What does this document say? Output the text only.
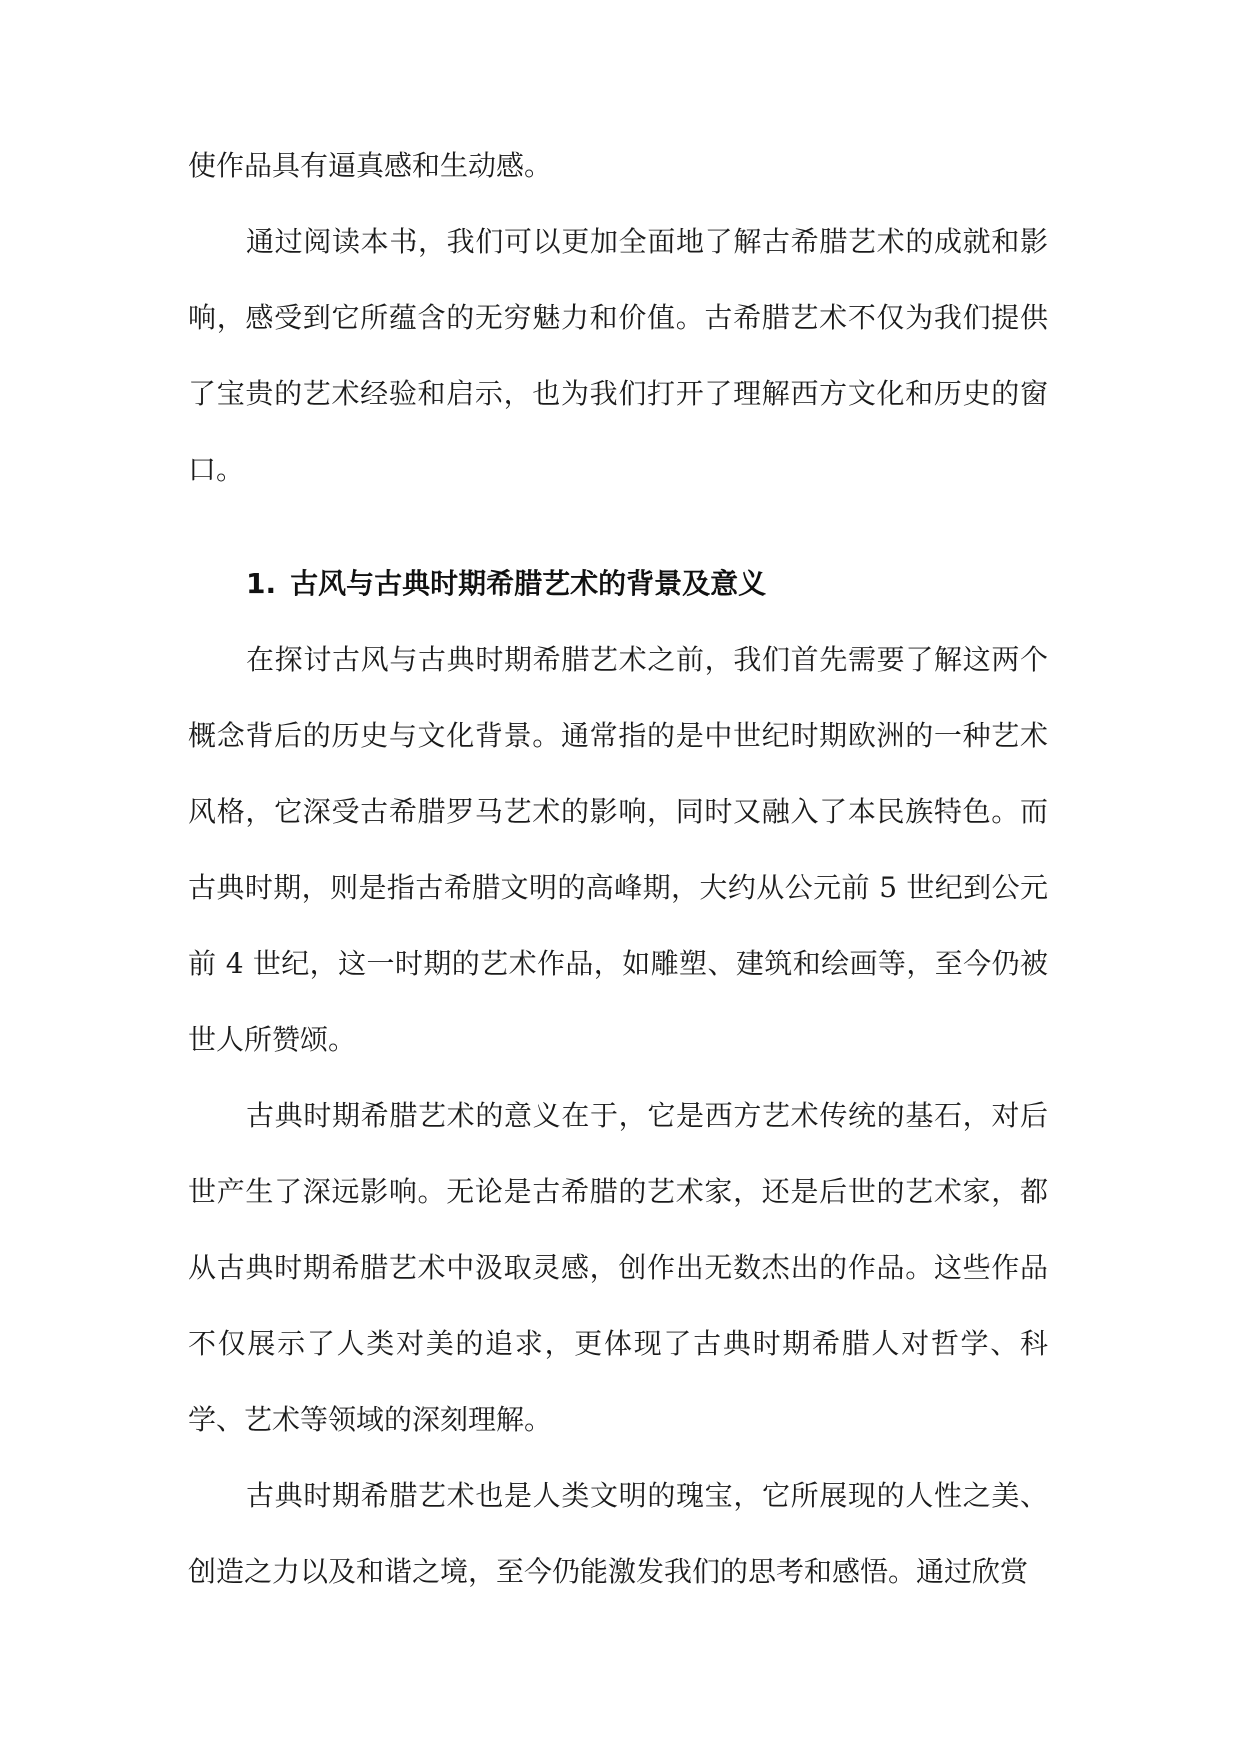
使作品具有逼真感和生动感。

通过阅读本书，我们可以更加全面地了解古希腊艺术的成就和影响，感受到它所蕴含的无穷魅力和价值。古希腊艺术不仅为我们提供了宝贵的艺术经验和启示，也为我们打开了理解西方文化和历史的窗口。

1. 古风与古典时期希腊艺术的背景及意义

在探讨古风与古典时期希腊艺术之前，我们首先需要了解这两个概念背后的历史与文化背景。通常指的是中世纪时期欧洲的一种艺术风格，它深受古希腊罗马艺术的影响，同时又融入了本民族特色。而古典时期，则是指古希腊文明的高峰期，大约从公元前 5 世纪到公元前 4 世纪，这一时期的艺术作品，如雕塑、建筑和绘画等，至今仍被世人所赞颂。

古典时期希腊艺术的意义在于，它是西方艺术传统的基石，对后世产生了深远影响。无论是古希腊的艺术家，还是后世的艺术家，都从古典时期希腊艺术中汲取灵感，创作出无数杰出的作品。这些作品不仅展示了人类对美的追求，更体现了古典时期希腊人对哲学、科学、艺术等领域的深刻理解。

古典时期希腊艺术也是人类文明的瑰宝，它所展现的人性之美、创造之力以及和谐之境，至今仍能激发我们的思考和感悟。通过欣赏
